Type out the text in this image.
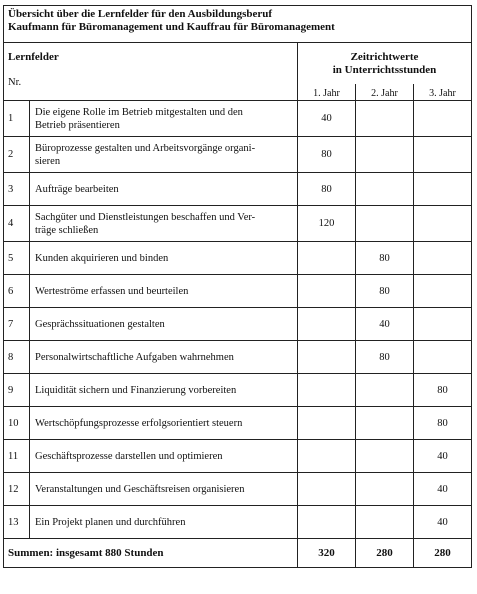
Übersicht über die Lernfelder für den Ausbildungsberuf
Kaufmann für Büromanagement und Kauffrau für Büromanagement				

Lernfelder
Nr.		Zeitrichtwerte
in Unterrichtsstunden		
		1. Jahr	2. Jahr	3. Jahr
1	Die eigene Rolle im Betrieb mitgestalten und den
Betrieb präsentieren	40		
2	Büroprozesse gestalten und Arbeitsvorgänge organi-
sieren	80		
3	Aufträge bearbeiten	80		
4	Sachgüter und Dienstleistungen beschaffen und Ver-
träge schließen	120		
5	Kunden akquirieren und binden		80	
6	Werteströme erfassen und beurteilen		80	
7	Gesprächssituationen gestalten		40	
8	Personalwirtschaftliche Aufgaben wahrnehmen		80	
9	Liquidität sichern und Finanzierung vorbereiten			80
10	Wertschöpfungsprozesse erfolgsorientiert steuern			80
11	Geschäftsprozesse darstellen und optimieren			40
12	Veranstaltungen und Geschäftsreisen organisieren			40
13	Ein Projekt planen und durchführen			40
Summen: insgesamt 880 Stunden		320	280	280
